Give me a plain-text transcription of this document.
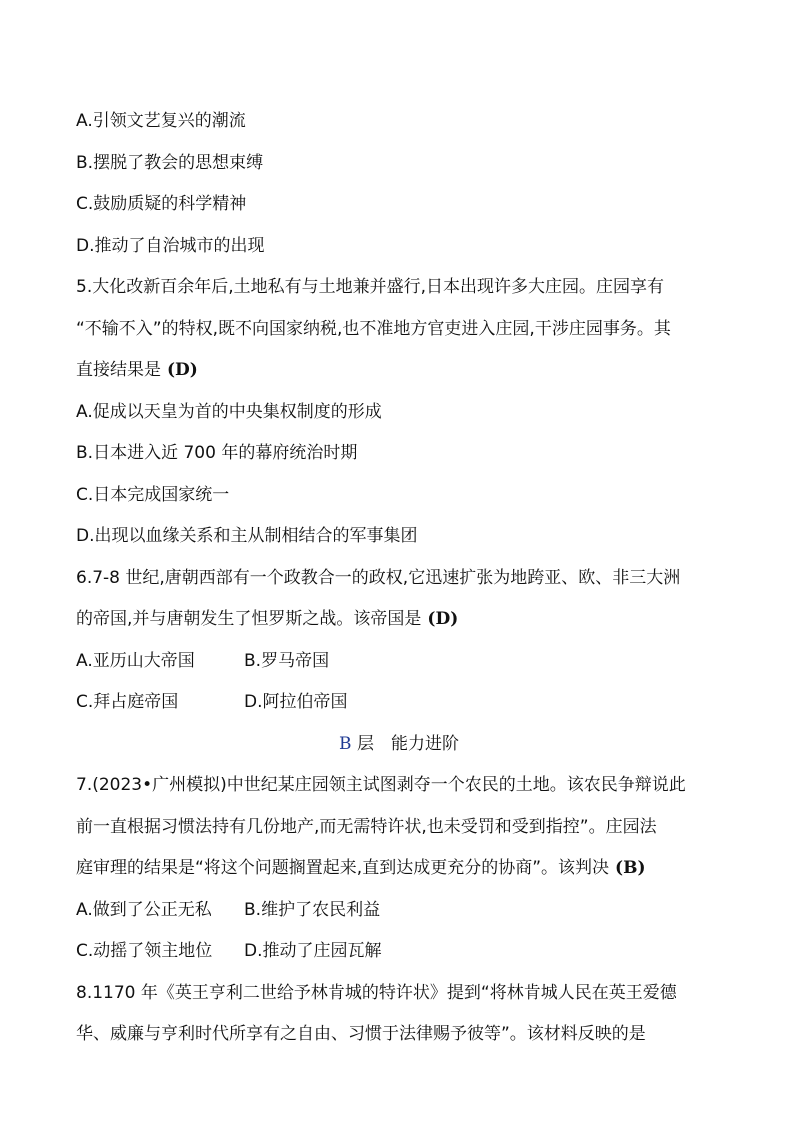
A.引领文艺复兴的潮流
B.摆脱了教会的思想束缚
C.鼓励质疑的科学精神
D.推动了自治城市的出现
5.大化改新百余年后,土地私有与土地兼并盛行,日本出现许多大庄园。庄园享有
“不输不入”的特权,既不向国家纳税,也不准地方官吏进入庄园,干涉庄园事务。其
直接结果是 (D)
A.促成以天皇为首的中央集权制度的形成
B.日本进入近 700 年的幕府统治时期
C.日本完成国家统一
D.出现以血缘关系和主从制相结合的军事集团
6.7-8 世纪,唐朝西部有一个政教合一的政权,它迅速扩张为地跨亚、欧、非三大洲
的帝国,并与唐朝发生了怛罗斯之战。该帝国是 (D)
A.亚历山大帝国	B.罗马帝国
C.拜占庭帝国	D.阿拉伯帝国
B 层　能力进阶
7.(2023•广州模拟)中世纪某庄园领主试图剥夺一个农民的土地。该农民争辩说此
前一直根据习惯法持有几份地产,而无需特许状,也未受罚和受到指控”。庄园法
庭审理的结果是“将这个问题搁置起来,直到达成更充分的协商”。该判决 (B)
A.做到了公正无私 B.维护了农民利益
C.动摇了领主地位 D.推动了庄园瓦解
8.1170 年《英王亨利二世给予林肯城的特许状》提到“将林肯城人民在英王爱德
华、威廉与亨利时代所享有之自由、习惯于法律赐予彼等”。该材料反映的是
